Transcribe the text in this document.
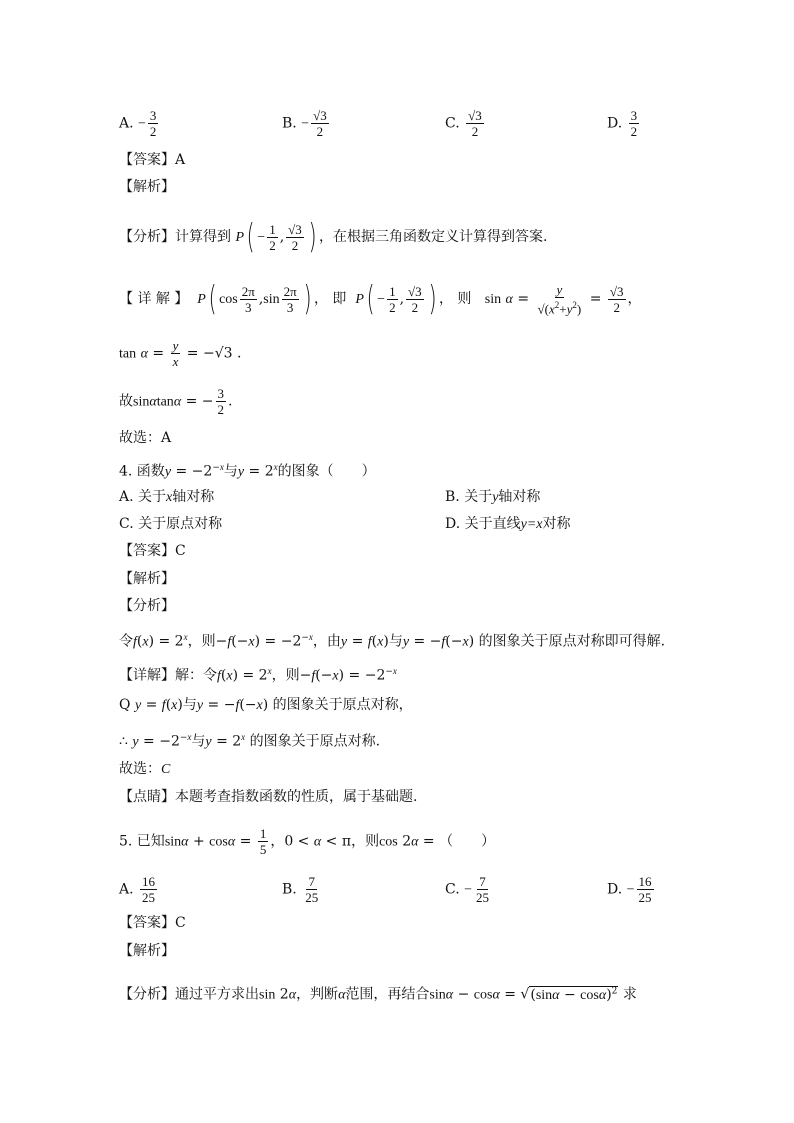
A. − $\frac{3}{2}$	B. − $\frac{√3}{2}$	C. $\frac{√3}{2}$	D. $\frac{3}{2}$
【答案】A
【解析】
【分析】计算得到 $P( - \frac{1}{2}$ , $\frac{√3}{2}$ ) ，在根据三角函数定义计算得到答案.
【 详 解 】 P( $\cos \frac{2\pi}{3} ,\sin \frac{2\pi}{3}$ ) ， 即 $P( - \frac{1}{2}$ , $\frac{√3}{2}$ ) ， 则 $\sin \alpha = \frac{y}{√(x^2+y^2)} = \frac{√3}{2}$ ，
$\tan \alpha = \frac{y}{x} = -√3$ .
故sinαtanα = − $\frac{3}{2}$ .
故选：A
4. 函数$y = -2^{-x}$与$y = 2^x$的图象（　　）
A. 关于x轴对称	B. 关于y轴对称
C. 关于原点对称	D. 关于直线y=x对称
【答案】C
【解析】
【分析】
令$f(x) = 2^x$，则$-f(-x) = -2^{-x}$，由y = f(x)与y = −f(−x) 的图象关于原点对称即可得解.
【详解】解：令$f(x) = 2^x$，则$-f(-x) = -2^{-x}$
Q y = f(x)与y = −f(−x) 的图象关于原点对称，
∴ $y = -2^{-x}$与$y = 2^x$ 的图象关于原点对称.
故选：C
【点睛】本题考查指数函数的性质，属于基础题.
5. 已知$\sin\alpha + \cos\alpha = \frac{1}{5}$ ，0 < α < π，则cos 2α = （　　）
A. $\frac{16}{25}$	B. $\frac{7}{25}$	C. − $\frac{7}{25}$	D. − $\frac{16}{25}$
【答案】C
【解析】
【分析】通过平方求出sin 2α，判断α范围，再结合$\sin\alpha - \cos\alpha = √(\sin\alpha - \cos\alpha)^2$ 求
